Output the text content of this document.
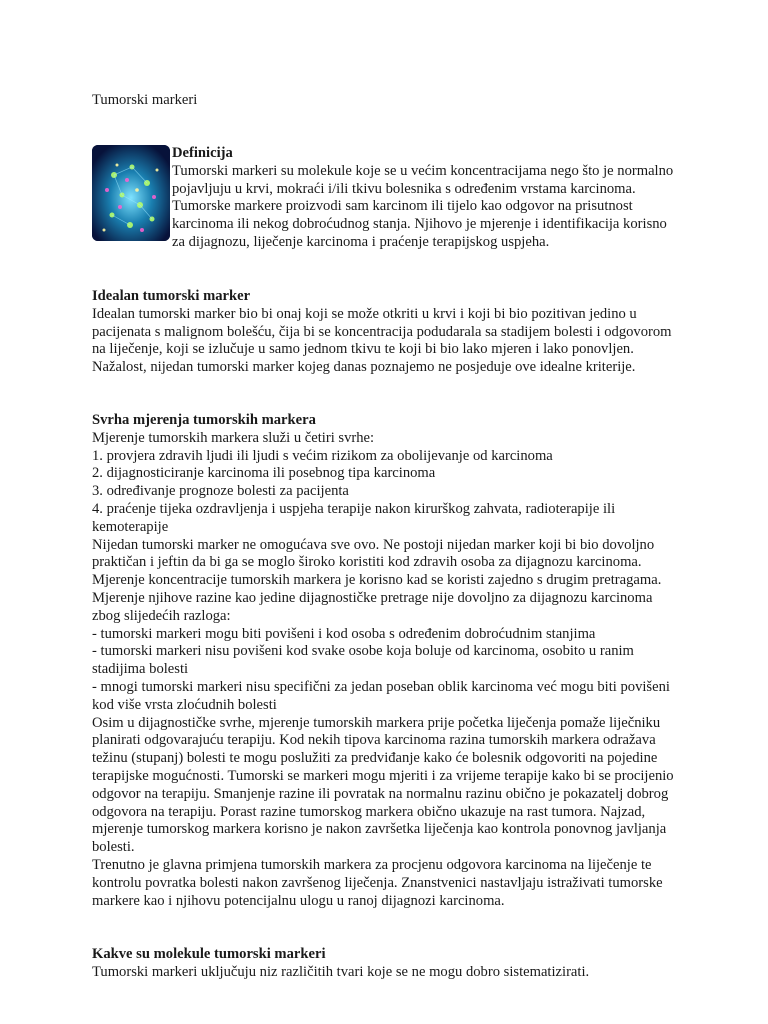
Tumorski markeri

Definicija

Tumorski markeri su molekule koje se u većim koncentracijama nego što je normalno pojavljuju u krvi, mokraći i/ili tkivu bolesnika s određenim vrstama karcinoma. Tumorske markere proizvodi sam karcinom ili tijelo kao odgovor na prisutnost karcinoma ili nekog dobroćudnog stanja. Njihovo je mjerenje i identifikacija korisno za dijagnozu, liječenje karcinoma i praćenje terapijskog uspjeha.

Idealan tumorski marker

Idealan tumorski marker bio bi onaj koji se može otkriti u krvi i koji bi bio pozitivan jedino u pacijenata s malignom bolešću, čija bi se koncentracija podudarala sa stadijem bolesti i odgovorom na liječenje, koji se izlučuje u samo jednom tkivu te koji bi bio lako mjeren i lako ponovljen. Nažalost, nijedan tumorski marker kojeg danas poznajemo ne posjeduje ove idealne kriterije.

Svrha mjerenja tumorskih markera

Mjerenje tumorskih markera služi u četiri svrhe:

1. provjera zdravih ljudi ili ljudi s većim rizikom za obolijevanje od karcinoma

2. dijagnosticiranje karcinoma ili posebnog tipa karcinoma

3. određivanje prognoze bolesti za pacijenta

4. praćenje tijeka ozdravljenja i uspjeha terapije nakon kirurškog zahvata, radioterapije ili kemoterapije

Nijedan tumorski marker ne omogućava sve ovo. Ne postoji nijedan marker koji bi bio dovoljno praktičan i jeftin da bi ga se moglo široko koristiti kod zdravih osoba za dijagnozu karcinoma.

Mjerenje koncentracije tumorskih markera je korisno kad se koristi zajedno s drugim pretragama. Mjerenje njihove razine kao jedine dijagnostičke pretrage nije dovoljno za dijagnozu karcinoma zbog slijedećih razloga:

- tumorski markeri mogu biti povišeni i kod osoba s određenim dobroćudnim stanjima

- tumorski markeri nisu povišeni kod svake osobe koja boluje od karcinoma, osobito u ranim stadijima bolesti

- mnogi tumorski markeri nisu specifični za jedan poseban oblik karcinoma već mogu biti povišeni kod više vrsta zloćudnih bolesti

Osim u dijagnostičke svrhe, mjerenje tumorskih markera prije početka liječenja pomaže liječniku planirati odgovarajuću terapiju. Kod nekih tipova karcinoma razina tumorskih markera odražava težinu (stupanj) bolesti te mogu poslužiti za predviđanje kako će bolesnik odgovoriti na pojedine terapijske mogućnosti. Tumorski se markeri mogu mjeriti i za vrijeme terapije kako bi se procijenio odgovor na terapiju. Smanjenje razine ili povratak na normalnu razinu obično je pokazatelj dobrog odgovora na terapiju. Porast razine tumorskog markera obično ukazuje na rast tumora. Najzad, mjerenje tumorskog markera korisno je nakon završetka liječenja kao kontrola ponovnog javljanja bolesti.

Trenutno je glavna primjena tumorskih markera za procjenu odgovora karcinoma na liječenje te kontrolu povratka bolesti nakon završenog liječenja. Znanstvenici nastavljaju istraživati tumorske markere kao i njihovu potencijalnu ulogu u ranoj dijagnozi karcinoma.

Kakve su molekule tumorski markeri

Tumorski markeri uključuju niz različitih tvari koje se ne mogu dobro sistematizirati.
